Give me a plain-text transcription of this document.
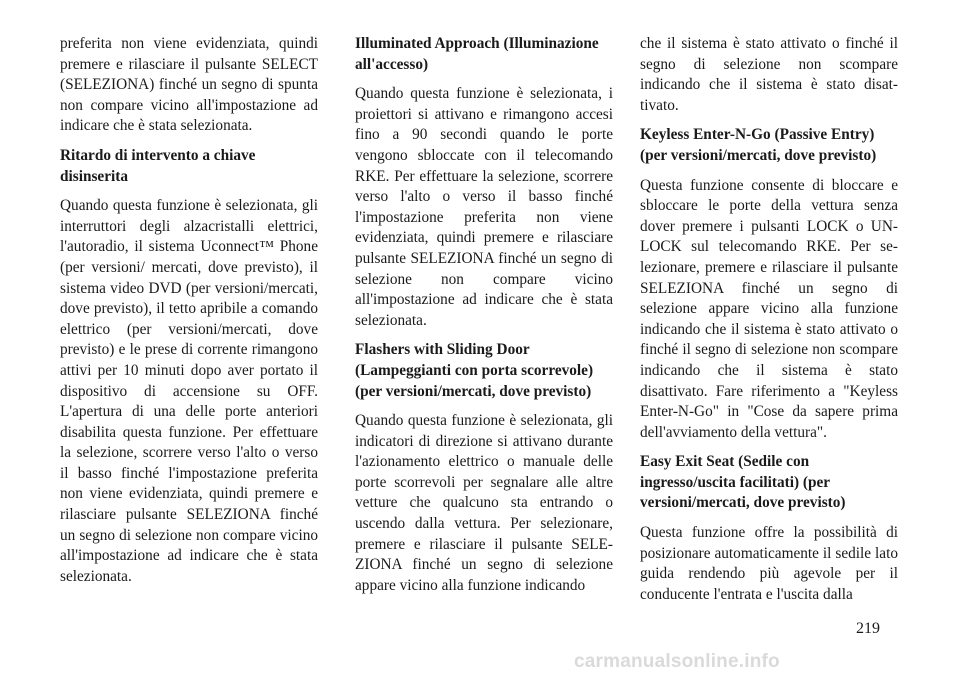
preferita non viene evidenziata, quindi premere e rilasciare il pulsante SELECT (SELEZIONA) finché un segno di spunta non compare vicino all'impostazione ad indicare che è stata selezionata.

Ritardo di intervento a chiave disinserita

Quando questa funzione è selezionata, gli interruttori degli alzacristalli elettrici, l'autoradio, il sistema Uconnect™ Phone (per versioni/ mercati, dove previsto), il sistema video DVD (per versioni/mercati, dove previsto), il tetto apribile a comando elettrico (per versioni/mercati, dove previsto) e le prese di corrente rimangono attivi per 10 minuti dopo aver portato il dispositivo di accensione su OFF. L'apertura di una delle porte anteriori disabilita questa funzione. Per effettuare la selezione, scorrere verso l'alto o verso il basso finché l'impostazione preferita non viene evidenziata, quindi premere e rilasciare pulsante SELEZIONA finché un segno di selezione non compare vicino all'impostazione ad indicare che è stata selezionata.

Illuminated Approach (Illuminazione all'accesso)

Quando questa funzione è selezionata, i proiettori si attivano e rimangono accesi fino a 90 secondi quando le porte vengono sbloccate con il telecomando RKE. Per effettuare la selezione, scorrere verso l'alto o verso il basso finché l'impostazione preferita non viene evidenziata, quindi premere e rilasciare pulsante SELEZIONA finché un segno di selezione non compare vicino all'impostazione ad indicare che è stata selezionata.

Flashers with Sliding Door (Lampeggianti con porta scorrevole) (per versioni/mercati, dove previsto)

Quando questa funzione è selezionata, gli indicatori di direzione si attivano durante l'azionamento elettrico o manuale delle porte scorrevoli per segnalare alle altre vetture che qualcuno sta entrando o uscendo dalla vettura. Per selezionare, premere e rilasciare il pulsante SELEZIONA finché un segno di selezione appare vicino alla funzione indicando

che il sistema è stato attivato o finché il segno di selezione non scompare indicando che il sistema è stato disattivato.

Keyless Enter-N-Go (Passive Entry) (per versioni/mercati, dove previsto)

Questa funzione consente di bloccare e sbloccare le porte della vettura senza dover premere i pulsanti LOCK o UNLOCK sul telecomando RKE. Per selezionare, premere e rilasciare il pulsante SELEZIONA finché un segno di selezione appare vicino alla funzione indicando che il sistema è stato attivato o finché il segno di selezione non scompare indicando che il sistema è stato disattivato. Fare riferimento a "Keyless Enter-N-Go" in "Cose da sapere prima dell'avviamento della vettura".

Easy Exit Seat (Sedile con ingresso/uscita facilitati) (per versioni/mercati, dove previsto)

Questa funzione offre la possibilità di posizionare automaticamente il sedile lato guida rendendo più agevole per il conducente l'entrata e l'uscita dalla

219
carmanualsonline.info
